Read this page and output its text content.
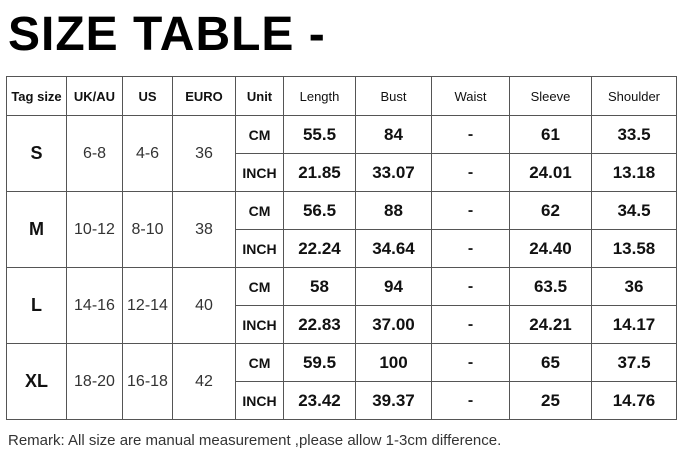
SIZE TABLE -
Tag size	UK/AU	US	EURO	Unit	Length	Bust	Waist	Sleeve	Shoulder
S	6-8	4-6	36	CM	55.5	84	-	61	33.5
				INCH	21.85	33.07	-	24.01	13.18
M	10-12	8-10	38	CM	56.5	88	-	62	34.5
				INCH	22.24	34.64	-	24.40	13.58
L	14-16	12-14	40	CM	58	94	-	63.5	36
				INCH	22.83	37.00	-	24.21	14.17
XL	18-20	16-18	42	CM	59.5	100	-	65	37.5
				INCH	23.42	39.37	-	25	14.76

Remark: All size are manual measurement ,please allow 1-3cm difference.
